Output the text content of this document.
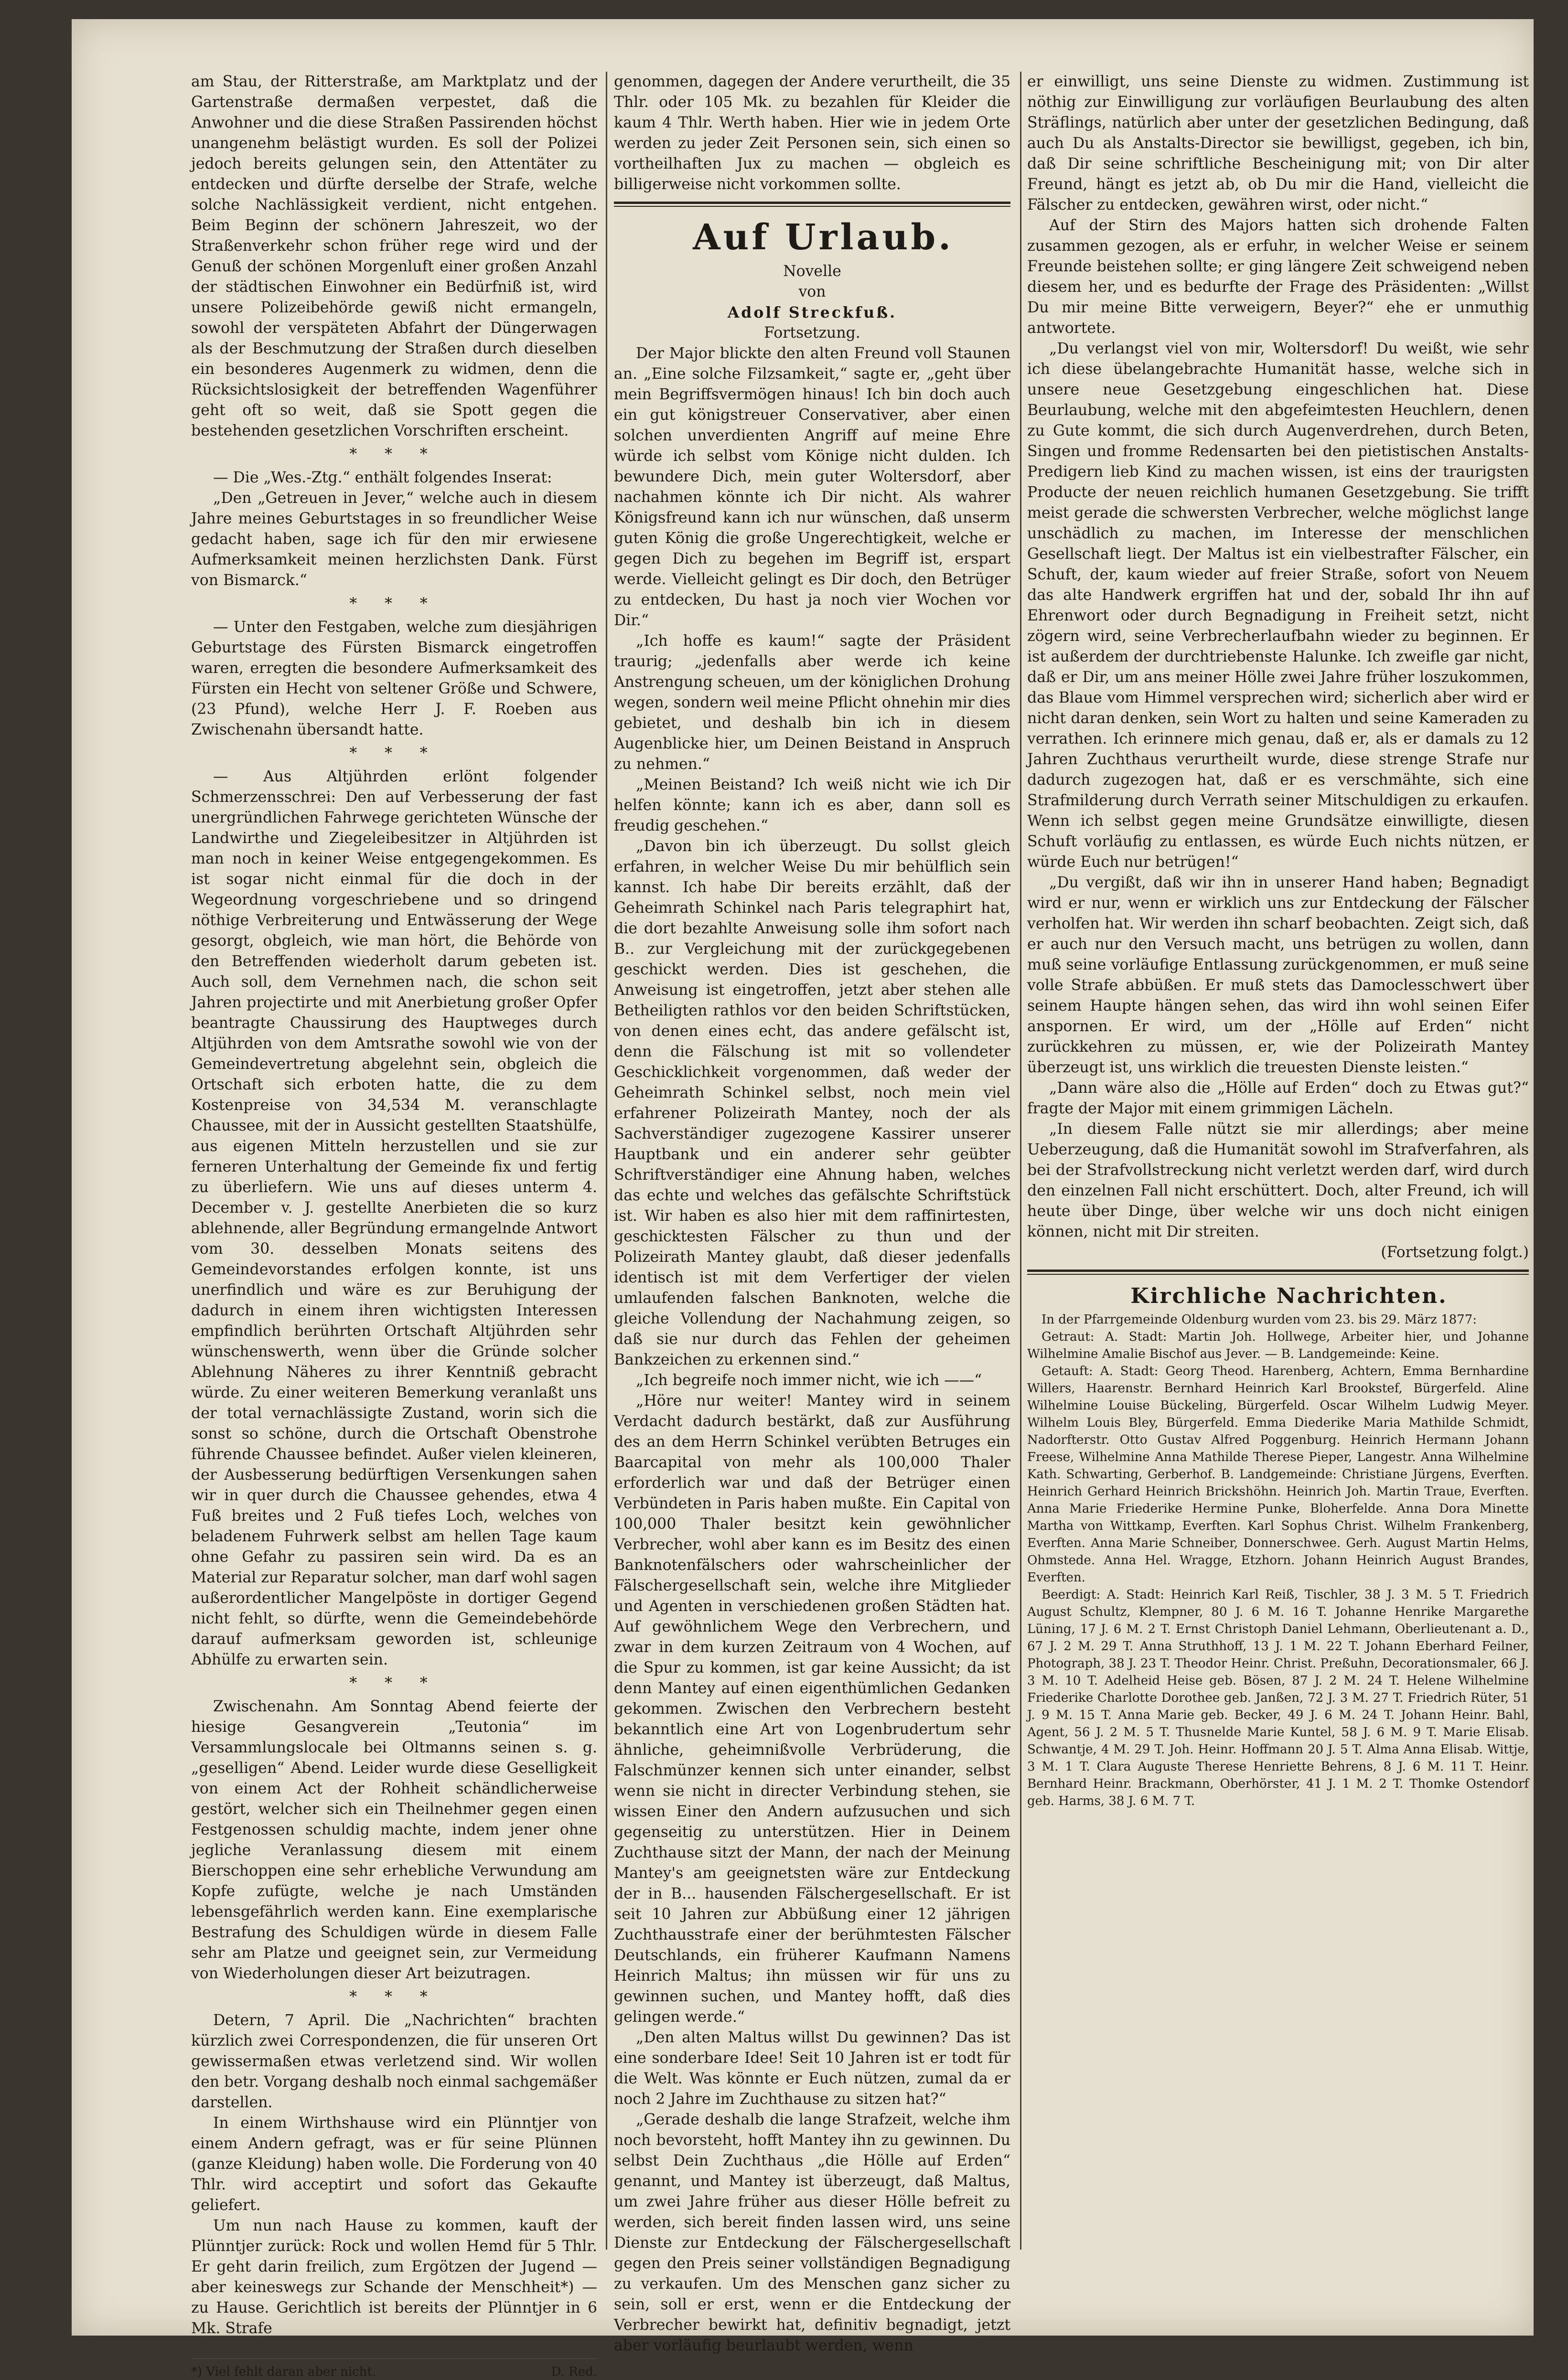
am Stau, der Ritterstraße, am Marktplatz und der Gartenstraße dermaßen verpestet, daß die Anwohner und die diese Straßen Passirenden höchst unangenehm belästigt wurden. Es soll der Polizei jedoch bereits gelungen sein, den Attentäter zu entdecken und dürfte derselbe der Strafe, welche solche Nachlässigkeit verdient, nicht entgehen. Beim Beginn der schönern Jahreszeit, wo der Straßenverkehr schon früher rege wird und der Genuß der schönen Morgenluft einer großen Anzahl der städtischen Einwohner ein Bedürfniß ist, wird unsere Polizeibehörde gewiß nicht ermangeln, sowohl der verspäteten Abfahrt der Düngerwagen als der Beschmutzung der Straßen durch dieselben ein besonderes Augenmerk zu widmen, denn die Rücksichtslosigkeit der betreffenden Wagenführer geht oft so weit, daß sie Spott gegen die bestehenden gesetzlichen Vorschriften erscheint.

* * *

— Die „Wes.-Ztg.“ enthält folgendes Inserat:

„Den „Getreuen in Jever,“ welche auch in diesem Jahre meines Geburtstages in so freundlicher Weise gedacht haben, sage ich für den mir erwiesene Aufmerksamkeit meinen herzlichsten Dank. Fürst von Bismarck.“

* * *

— Unter den Festgaben, welche zum diesjährigen Geburtstage des Fürsten Bismarck eingetroffen waren, erregten die besondere Aufmerksamkeit des Fürsten ein Hecht von seltener Größe und Schwere, (23 Pfund), welche Herr J. F. Roeben aus Zwischenahn übersandt hatte.

* * *

— Aus Altjührden erlönt folgender Schmerzensschrei: Den auf Verbesserung der fast unergründlichen Fahrwege gerichteten Wünsche der Landwirthe und Ziegeleibesitzer in Altjührden ist man noch in keiner Weise entgegengekommen. Es ist sogar nicht einmal für die doch in der Wegeordnung vorgeschriebene und so dringend nöthige Verbreiterung und Entwässerung der Wege gesorgt, obgleich, wie man hört, die Behörde von den Betreffenden wiederholt darum gebeten ist. Auch soll, dem Vernehmen nach, die schon seit Jahren projectirte und mit Anerbietung großer Opfer beantragte Chaussirung des Hauptweges durch Altjührden von dem Amtsrathe sowohl wie von der Gemeindevertretung abgelehnt sein, obgleich die Ortschaft sich erboten hatte, die zu dem Kostenpreise von 34,534 M. veranschlagte Chaussee, mit der in Aussicht gestellten Staatshülfe, aus eigenen Mitteln herzustellen und sie zur ferneren Unterhaltung der Gemeinde fix und fertig zu überliefern. Wie uns auf dieses unterm 4. December v. J. gestellte Anerbieten die so kurz ablehnende, aller Begründung ermangelnde Antwort vom 30. desselben Monats seitens des Gemeindevorstandes erfolgen konnte, ist uns unerfindlich und wäre es zur Beruhigung der dadurch in einem ihren wichtigsten Interessen empfindlich berührten Ortschaft Altjührden sehr wünschenswerth, wenn über die Gründe solcher Ablehnung Näheres zu ihrer Kenntniß gebracht würde. Zu einer weiteren Bemerkung veranlaßt uns der total vernachlässigte Zustand, worin sich die sonst so schöne, durch die Ortschaft Obenstrohe führende Chaussee befindet. Außer vielen kleineren, der Ausbesserung bedürftigen Versenkungen sahen wir in quer durch die Chaussee gehendes, etwa 4 Fuß breites und 2 Fuß tiefes Loch, welches von beladenem Fuhrwerk selbst am hellen Tage kaum ohne Gefahr zu passiren sein wird. Da es an Material zur Reparatur solcher, man darf wohl sagen außerordentlicher Mangelpöste in dortiger Gegend nicht fehlt, so dürfte, wenn die Gemeindebehörde darauf aufmerksam geworden ist, schleunige Abhülfe zu erwarten sein.

* * *

Zwischenahn. Am Sonntag Abend feierte der hiesige Gesangverein „Teutonia“ im Versammlungslocale bei Oltmanns seinen s. g. „geselligen“ Abend. Leider wurde diese Geselligkeit von einem Act der Rohheit schändlicherweise gestört, welcher sich ein Theilnehmer gegen einen Festgenossen schuldig machte, indem jener ohne jegliche Veranlassung diesem mit einem Bierschoppen eine sehr erhebliche Verwundung am Kopfe zufügte, welche je nach Umständen lebensgefährlich werden kann. Eine exemplarische Bestrafung des Schuldigen würde in diesem Falle sehr am Platze und geeignet sein, zur Vermeidung von Wiederholungen dieser Art beizutragen.

* * *

Detern, 7 April. Die „Nachrichten“ brachten kürzlich zwei Correspondenzen, die für unseren Ort gewissermaßen etwas verletzend sind. Wir wollen den betr. Vorgang deshalb noch einmal sachgemäßer darstellen.

In einem Wirthshause wird ein Plünntjer von einem Andern gefragt, was er für seine Plünnen (ganze Kleidung) haben wolle. Die Forderung von 40 Thlr. wird acceptirt und sofort das Gekaufte geliefert.

Um nun nach Hause zu kommen, kauft der Plünntjer zurück: Rock und wollen Hemd für 5 Thlr. Er geht darin freilich, zum Ergötzen der Jugend — aber keineswegs zur Schande der Menschheit*) — zu Hause. Gerichtlich ist bereits der Plünntjer in 6 Mk. Strafe

*) Viel fehlt daran aber nicht.	D. Red.

genommen, dagegen der Andere verurtheilt, die 35 Thlr. oder 105 Mk. zu bezahlen für Kleider die kaum 4 Thlr. Werth haben. Hier wie in jedem Orte werden zu jeder Zeit Personen sein, sich einen so vortheilhaften Jux zu machen — obgleich es billigerweise nicht vorkommen sollte.

Auf Urlaub.

Novelle

von

Adolf Streckfuß.

Fortsetzung.

Der Major blickte den alten Freund voll Staunen an. „Eine solche Filzsamkeit,“ sagte er, „geht über mein Begriffsvermögen hinaus! Ich bin doch auch ein gut königstreuer Conservativer, aber einen solchen unverdienten Angriff auf meine Ehre würde ich selbst vom Könige nicht dulden. Ich bewundere Dich, mein guter Woltersdorf, aber nachahmen könnte ich Dir nicht. Als wahrer Königsfreund kann ich nur wünschen, daß unserm guten König die große Ungerechtigkeit, welche er gegen Dich zu begehen im Begriff ist, erspart werde. Vielleicht gelingt es Dir doch, den Betrüger zu entdecken, Du hast ja noch vier Wochen vor Dir.“

„Ich hoffe es kaum!“ sagte der Präsident traurig; „jedenfalls aber werde ich keine Anstrengung scheuen, um der königlichen Drohung wegen, sondern weil meine Pflicht ohnehin mir dies gebietet, und deshalb bin ich in diesem Augenblicke hier, um Deinen Beistand in Anspruch zu nehmen.“

„Meinen Beistand? Ich weiß nicht wie ich Dir helfen könnte; kann ich es aber, dann soll es freudig geschehen.“

„Davon bin ich überzeugt. Du sollst gleich erfahren, in welcher Weise Du mir behülflich sein kannst. Ich habe Dir bereits erzählt, daß der Geheimrath Schinkel nach Paris telegraphirt hat, die dort bezahlte Anweisung solle ihm sofort nach B.. zur Vergleichung mit der zurückgegebenen geschickt werden. Dies ist geschehen, die Anweisung ist eingetroffen, jetzt aber stehen alle Betheiligten rathlos vor den beiden Schriftstücken, von denen eines echt, das andere gefälscht ist, denn die Fälschung ist mit so vollendeter Geschicklichkeit vorgenommen, daß weder der Geheimrath Schinkel selbst, noch mein viel erfahrener Polizeirath Mantey, noch der als Sachverständiger zugezogene Kassirer unserer Hauptbank und ein anderer sehr geübter Schriftverständiger eine Ahnung haben, welches das echte und welches das gefälschte Schriftstück ist. Wir haben es also hier mit dem raffinirtesten, geschicktesten Fälscher zu thun und der Polizeirath Mantey glaubt, daß dieser jedenfalls identisch ist mit dem Verfertiger der vielen umlaufenden falschen Banknoten, welche die gleiche Vollendung der Nachahmung zeigen, so daß sie nur durch das Fehlen der geheimen Bankzeichen zu erkennen sind.“

„Ich begreife noch immer nicht, wie ich ——“

„Höre nur weiter! Mantey wird in seinem Verdacht dadurch bestärkt, daß zur Ausführung des an dem Herrn Schinkel verübten Betruges ein Baarcapital von mehr als 100,000 Thaler erforderlich war und daß der Betrüger einen Verbündeten in Paris haben mußte. Ein Capital von 100,000 Thaler besitzt kein gewöhnlicher Verbrecher, wohl aber kann es im Besitz des einen Banknotenfälschers oder wahrscheinlicher der Fälschergesellschaft sein, welche ihre Mitglieder und Agenten in verschiedenen großen Städten hat. Auf gewöhnlichem Wege den Verbrechern, und zwar in dem kurzen Zeitraum von 4 Wochen, auf die Spur zu kommen, ist gar keine Aussicht; da ist denn Mantey auf einen eigenthümlichen Gedanken gekommen. Zwischen den Verbrechern besteht bekanntlich eine Art von Logenbrudertum sehr ähnliche, geheimnißvolle Verbrüderung, die Falschmünzer kennen sich unter einander, selbst wenn sie nicht in directer Verbindung stehen, sie wissen Einer den Andern aufzusuchen und sich gegenseitig zu unterstützen. Hier in Deinem Zuchthause sitzt der Mann, der nach der Meinung Mantey's am geeignetsten wäre zur Entdeckung der in B... hausenden Fälschergesellschaft. Er ist seit 10 Jahren zur Abbüßung einer 12 jährigen Zuchthausstrafe einer der berühmtesten Fälscher Deutschlands, ein früherer Kaufmann Namens Heinrich Maltus; ihn müssen wir für uns zu gewinnen suchen, und Mantey hofft, daß dies gelingen werde.“

„Den alten Maltus willst Du gewinnen? Das ist eine sonderbare Idee! Seit 10 Jahren ist er todt für die Welt. Was könnte er Euch nützen, zumal da er noch 2 Jahre im Zuchthause zu sitzen hat?“

„Gerade deshalb die lange Strafzeit, welche ihm noch bevorsteht, hofft Mantey ihn zu gewinnen. Du selbst Dein Zuchthaus „die Hölle auf Erden“ genannt, und Mantey ist überzeugt, daß Maltus, um zwei Jahre früher aus dieser Hölle befreit zu werden, sich bereit finden lassen wird, uns seine Dienste zur Entdeckung der Fälschergesellschaft gegen den Preis seiner vollständigen Begnadigung zu verkaufen. Um des Menschen ganz sicher zu sein, soll er erst, wenn er die Entdeckung der Verbrecher bewirkt hat, definitiv begnadigt, jetzt aber vorläufig beurlaubt werden, wenn

er einwilligt, uns seine Dienste zu widmen. Zustimmung ist nöthig zur Einwilligung zur vorläufigen Beurlaubung des alten Sträflings, natürlich aber unter der gesetzlichen Bedingung, daß auch Du als Anstalts-Director sie bewilligst, gegeben, ich bin, daß Dir seine schriftliche Bescheinigung mit; von Dir alter Freund, hängt es jetzt ab, ob Du mir die Hand, vielleicht die Fälscher zu entdecken, gewähren wirst, oder nicht.“

Auf der Stirn des Majors hatten sich drohende Falten zusammen gezogen, als er erfuhr, in welcher Weise er seinem Freunde beistehen sollte; er ging längere Zeit schweigend neben diesem her, und es bedurfte der Frage des Präsidenten: „Willst Du mir meine Bitte verweigern, Beyer?“ ehe er unmuthig antwortete.

„Du verlangst viel von mir, Woltersdorf! Du weißt, wie sehr ich diese übelangebrachte Humanität hasse, welche sich in unsere neue Gesetzgebung eingeschlichen hat. Diese Beurlaubung, welche mit den abgefeimtesten Heuchlern, denen zu Gute kommt, die sich durch Augenverdrehen, durch Beten, Singen und fromme Redensarten bei den pietistischen Anstalts-Predigern lieb Kind zu machen wissen, ist eins der traurigsten Producte der neuen reichlich humanen Gesetzgebung. Sie trifft meist gerade die schwersten Verbrecher, welche möglichst lange unschädlich zu machen, im Interesse der menschlichen Gesellschaft liegt. Der Maltus ist ein vielbestrafter Fälscher, ein Schuft, der, kaum wieder auf freier Straße, sofort von Neuem das alte Handwerk ergriffen hat und der, sobald Ihr ihn auf Ehrenwort oder durch Begnadigung in Freiheit setzt, nicht zögern wird, seine Verbrecherlaufbahn wieder zu beginnen. Er ist außerdem der durchtriebenste Halunke. Ich zweifle gar nicht, daß er Dir, um ans meiner Hölle zwei Jahre früher loszukommen, das Blaue vom Himmel versprechen wird; sicherlich aber wird er nicht daran denken, sein Wort zu halten und seine Kameraden zu verrathen. Ich erinnere mich genau, daß er, als er damals zu 12 Jahren Zuchthaus verurtheilt wurde, diese strenge Strafe nur dadurch zugezogen hat, daß er es verschmähte, sich eine Strafmilderung durch Verrath seiner Mitschuldigen zu erkaufen. Wenn ich selbst gegen meine Grundsätze einwilligte, diesen Schuft vorläufig zu entlassen, es würde Euch nichts nützen, er würde Euch nur betrügen!“

„Du vergißt, daß wir ihn in unserer Hand haben; Begnadigt wird er nur, wenn er wirklich uns zur Entdeckung der Fälscher verholfen hat. Wir werden ihn scharf beobachten. Zeigt sich, daß er auch nur den Versuch macht, uns betrügen zu wollen, dann muß seine vorläufige Entlassung zurückgenommen, er muß seine volle Strafe abbüßen. Er muß stets das Damoclesschwert über seinem Haupte hängen sehen, das wird ihn wohl seinen Eifer anspornen. Er wird, um der „Hölle auf Erden“ nicht zurückkehren zu müssen, er, wie der Polizeirath Mantey überzeugt ist, uns wirklich die treuesten Dienste leisten.“

„Dann wäre also die „Hölle auf Erden“ doch zu Etwas gut?“ fragte der Major mit einem grimmigen Lächeln.

„In diesem Falle nützt sie mir allerdings; aber meine Ueberzeugung, daß die Humanität sowohl im Strafverfahren, als bei der Strafvollstreckung nicht verletzt werden darf, wird durch den einzelnen Fall nicht erschüttert. Doch, alter Freund, ich will heute über Dinge, über welche wir uns doch nicht einigen können, nicht mit Dir streiten.

(Fortsetzung folgt.)

Kirchliche Nachrichten.

In der Pfarrgemeinde Oldenburg wurden vom 23. bis 29. März 1877:

Getraut: A. Stadt: Martin Joh. Hollwege, Arbeiter hier, und Johanne Wilhelmine Amalie Bischof aus Jever. — B. Landgemeinde: Keine.

Getauft: A. Stadt: Georg Theod. Harenberg, Achtern, Emma Bernhardine Willers, Haarenstr. Bernhard Heinrich Karl Brookstef, Bürgerfeld. Aline Wilhelmine Louise Bückeling, Bürgerfeld. Oscar Wilhelm Ludwig Meyer. Wilhelm Louis Bley, Bürgerfeld. Emma Diederike Maria Mathilde Schmidt, Nadorfterstr. Otto Gustav Alfred Poggenburg. Heinrich Hermann Johann Freese, Wilhelmine Anna Mathilde Therese Pieper, Langestr. Anna Wilhelmine Kath. Schwarting, Gerberhof. B. Landgemeinde: Christiane Jürgens, Everften. Heinrich Gerhard Heinrich Brickshöhn. Heinrich Joh. Martin Traue, Everften. Anna Marie Friederike Hermine Punke, Bloherfelde. Anna Dora Minette Martha von Wittkamp, Everften. Karl Sophus Christ. Wilhelm Frankenberg, Everften. Anna Marie Schneiber, Donnerschwee. Gerh. August Martin Helms, Ohmstede. Anna Hel. Wragge, Etzhorn. Johann Heinrich August Brandes, Everften.

Beerdigt: A. Stadt: Heinrich Karl Reiß, Tischler, 38 J. 3 M. 5 T. Friedrich August Schultz, Klempner, 80 J. 6 M. 16 T. Johanne Henrike Margarethe Lüning, 17 J. 6 M. 2 T. Ernst Christoph Daniel Lehmann, Oberlieutenant a. D., 67 J. 2 M. 29 T. Anna Struthhoff, 13 J. 1 M. 22 T. Johann Eberhard Feilner, Photograph, 38 J. 23 T. Theodor Heinr. Christ. Preßuhn, Decorationsmaler, 66 J. 3 M. 10 T. Adelheid Heise geb. Bösen, 87 J. 2 M. 24 T. Helene Wilhelmine Friederike Charlotte Dorothee geb. Janßen, 72 J. 3 M. 27 T. Friedrich Rüter, 51 J. 9 M. 15 T. Anna Marie geb. Becker, 49 J. 6 M. 24 T. Johann Heinr. Bahl, Agent, 56 J. 2 M. 5 T. Thusnelde Marie Kuntel, 58 J. 6 M. 9 T. Marie Elisab. Schwantje, 4 M. 29 T. Joh. Heinr. Hoffmann 20 J. 5 T. Alma Anna Elisab. Wittje, 3 M. 1 T. Clara Auguste Therese Henriette Behrens, 8 J. 6 M. 11 T. Heinr. Bernhard Heinr. Brackmann, Oberhörster, 41 J. 1 M. 2 T. Thomke Ostendorf geb. Harms, 38 J. 6 M. 7 T.
